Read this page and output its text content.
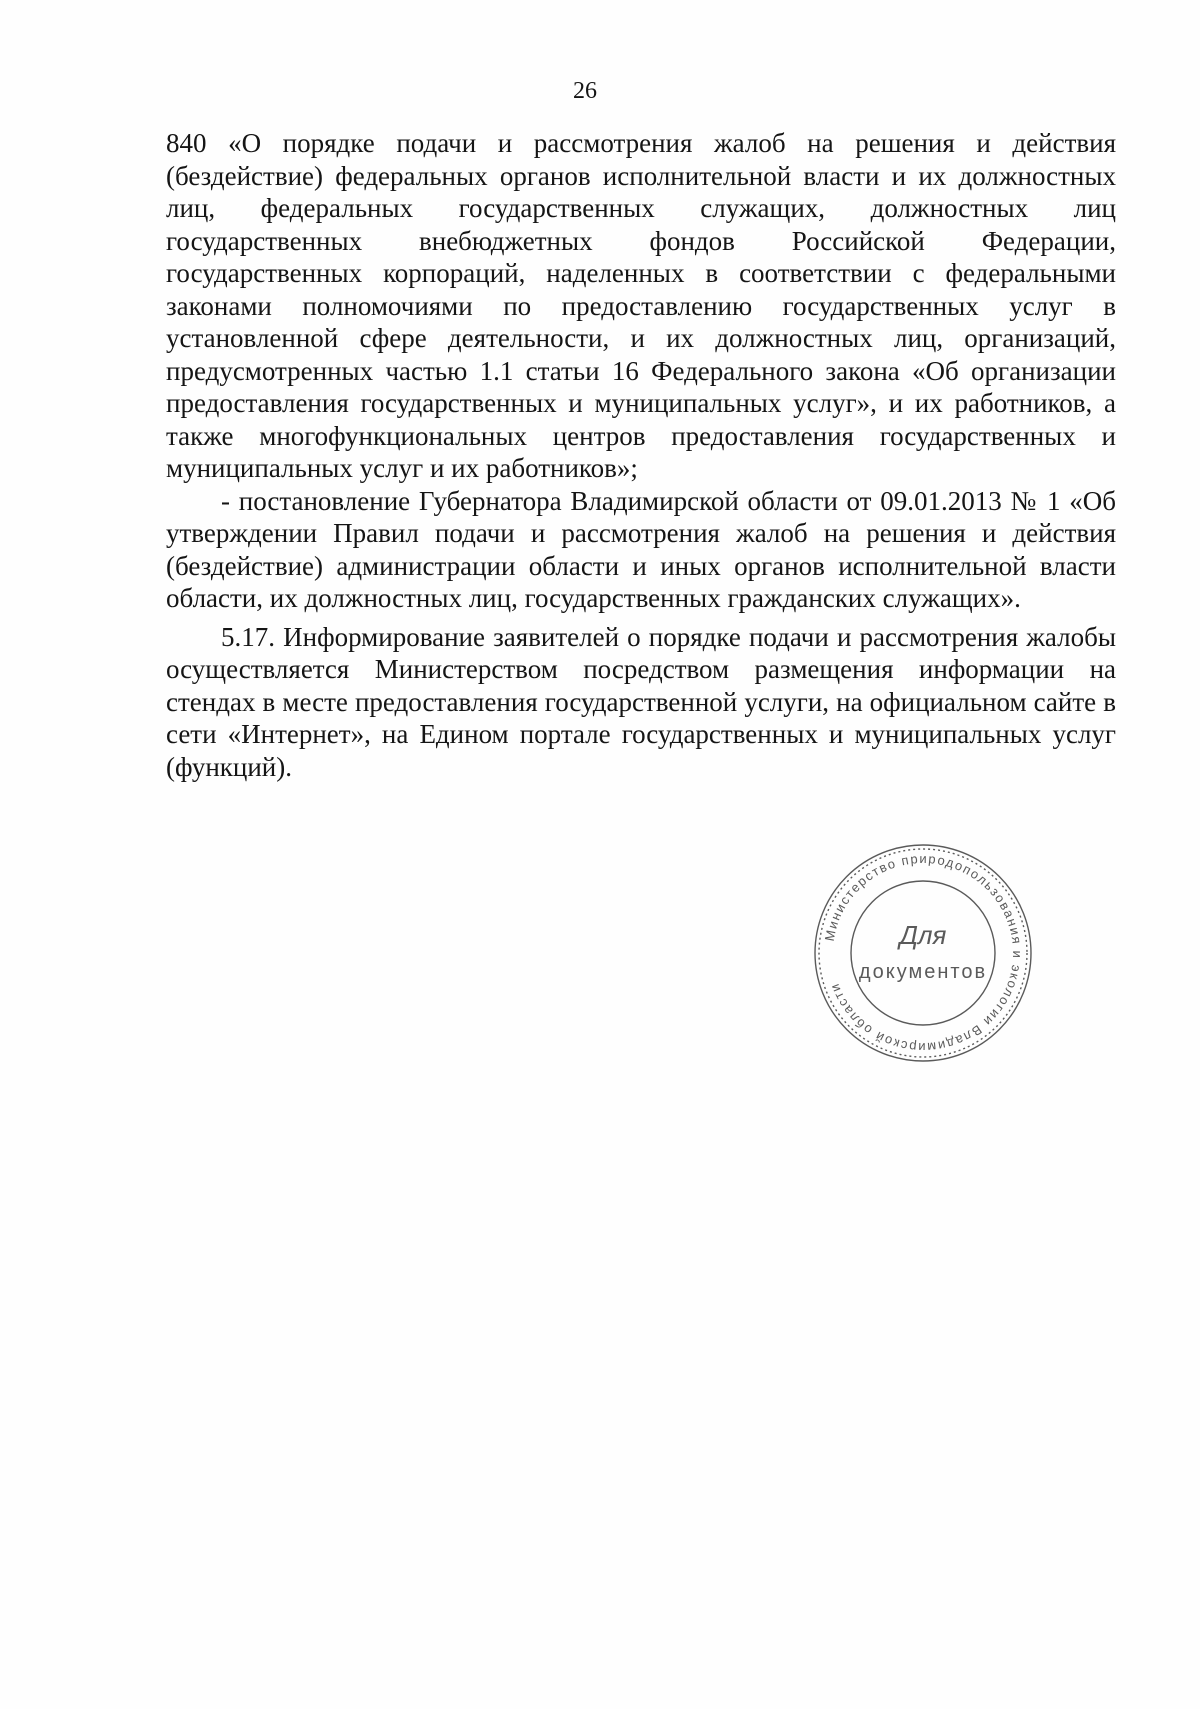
26

840 «О порядке подачи и рассмотрения жалоб на решения и действия (бездействие) федеральных органов исполнительной власти и их должностных лиц, федеральных государственных служащих, должностных лиц государственных внебюджетных фондов Российской Федерации, государственных корпораций, наделенных в соответствии с федеральными законами полномочиями по предоставлению государственных услуг в установленной сфере деятельности, и их должностных лиц, организаций, предусмотренных частью 1.1 статьи 16 Федерального закона «Об организации предоставления государственных и муниципальных услуг», и их работников, а также многофункциональных центров предоставления государственных и муниципальных услуг и их работников»;

- постановление Губернатора Владимирской области от 09.01.2013 № 1 «Об утверждении Правил подачи и рассмотрения жалоб на решения и действия (бездействие) администрации области и иных органов исполнительной власти области, их должностных лиц, государственных гражданских служащих».

5.17. Информирование заявителей о порядке подачи и рассмотрения жалобы осуществляется Министерством посредством размещения информации на стендах в месте предоставления государственной услуги, на официальном сайте в сети «Интернет», на Едином портале государственных и муниципальных услуг (функций).

Министерство природопользования и экологии Владимирской области
Для
документов
